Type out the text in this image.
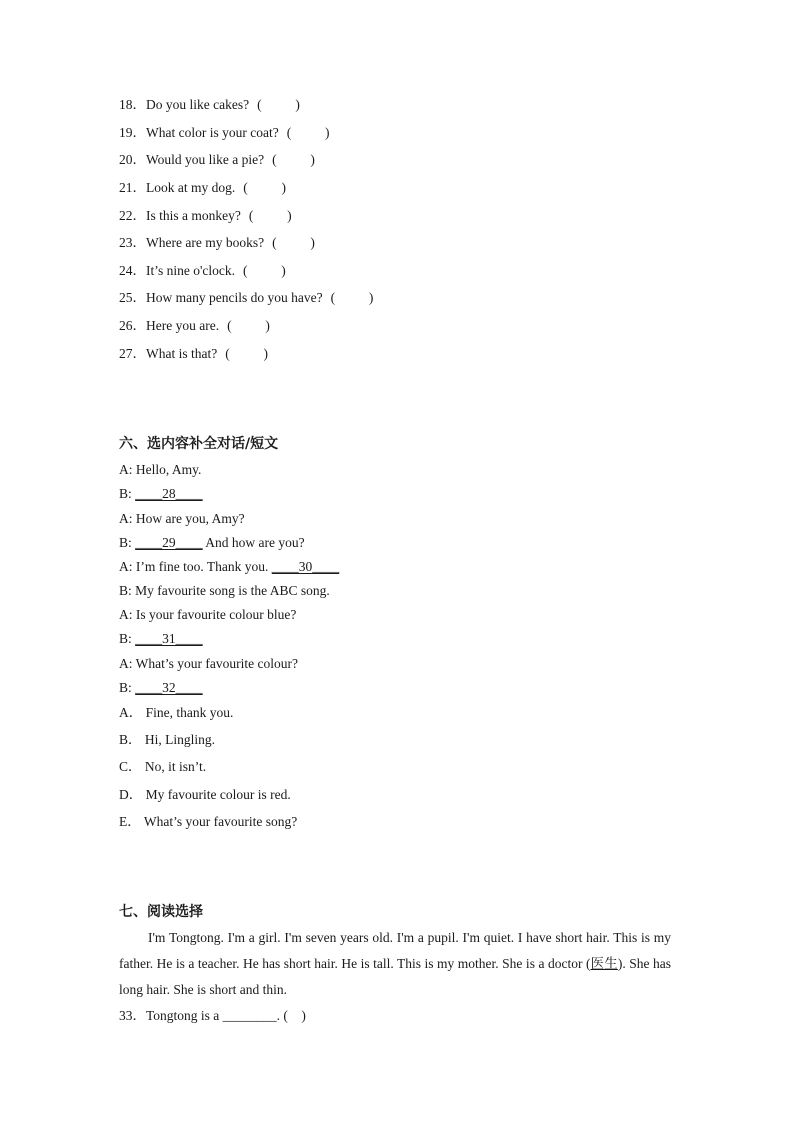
18．Do you like cakes? (          )
19．What color is your coat? (          )
20．Would you like a pie? (          )
21．Look at my dog. (          )
22．Is this a monkey? (          )
23．Where are my books? (          )
24．It’s nine o'clock. (          )
25．How many pencils do you have? (          )
26．Here you are. (          )
27．What is that? (          )
六、选内容补全对话/短文
A: Hello, Amy.
B: ____28____
A: How are you, Amy?
B: ____29____ And how are you?
A: I’m fine too. Thank you. ____30____
B: My favourite song is the ABC song.
A: Is your favourite colour blue?
B: ____31____
A: What’s your favourite colour?
B: ____32____
A． Fine, thank you.
B． Hi, Lingling.
C． No, it isn’t.
D． My favourite colour is red.
E． What’s your favourite song?
七、阅读选择

I'm Tongtong. I'm a girl. I'm seven years old. I'm a pupil. I'm quiet. I have short hair. This is my father. He is a teacher. He has short hair. He is tall. This is my mother. She is a doctor (医生). She has long hair. She is short and thin.

33．Tongtong is a ________. (    )
